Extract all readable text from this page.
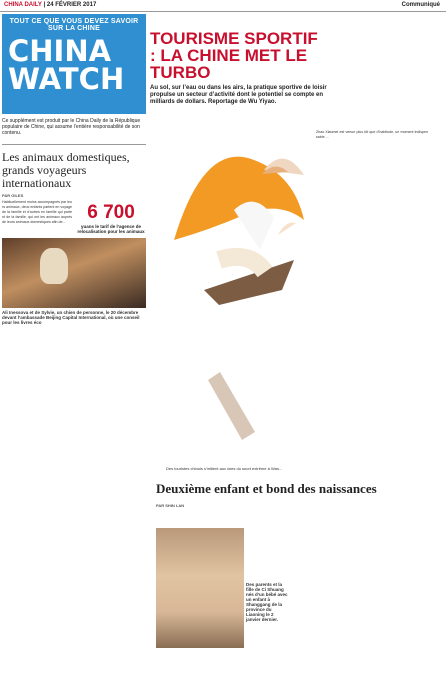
CHINA DAILY | 24 FÉVRIER 2017	Communiqué
TOUT CE QUE VOUS DEVEZ SAVOIR SUR LA CHINE
CHINA WATCH
Ce supplément est produit par le China Daily de la République populaire de Chine, qui assume l’entière responsabilité de son contenu.
Les animaux domestiques, grands voyageurs internationaux
PAR GILES
Habituellement moins accompagnés par leurs animaux, deux enfants partent en voyage de la famille et d’autres en famille qui partent de la famille, qui ont les animaux auprès de leurs animaux domestiques afin de...	6 700
yuans le tarif de l’agence de relocalisation pour les animaux
Ali Inessova et de Sylvie, un chien de personne, le 20 décembre devant l’ambassade Beijing Capital International, où une conseil pour les livres éco
TOURISME SPORTIF : LA CHINE MET LE TURBO
Au sol, sur l’eau ou dans les airs, la pratique sportive de loisir propulse un secteur d’activité dont le potentiel se compte en milliards de dollars. Reportage de Wu Yiyao.
Des touristes chinois s’initient aux joies du sport extrême à Wan...
Zhao Xiaomei est venue plus tôt que d’habitude, un moment indispensable ...
Deuxième enfant et bond des naissances
PAR SHIN LAN
Des parents et la fille de Ci Shuang nés d’un bébé avec un enfant à Shanggang de la province du Liaoning le 2 janvier dernier.
